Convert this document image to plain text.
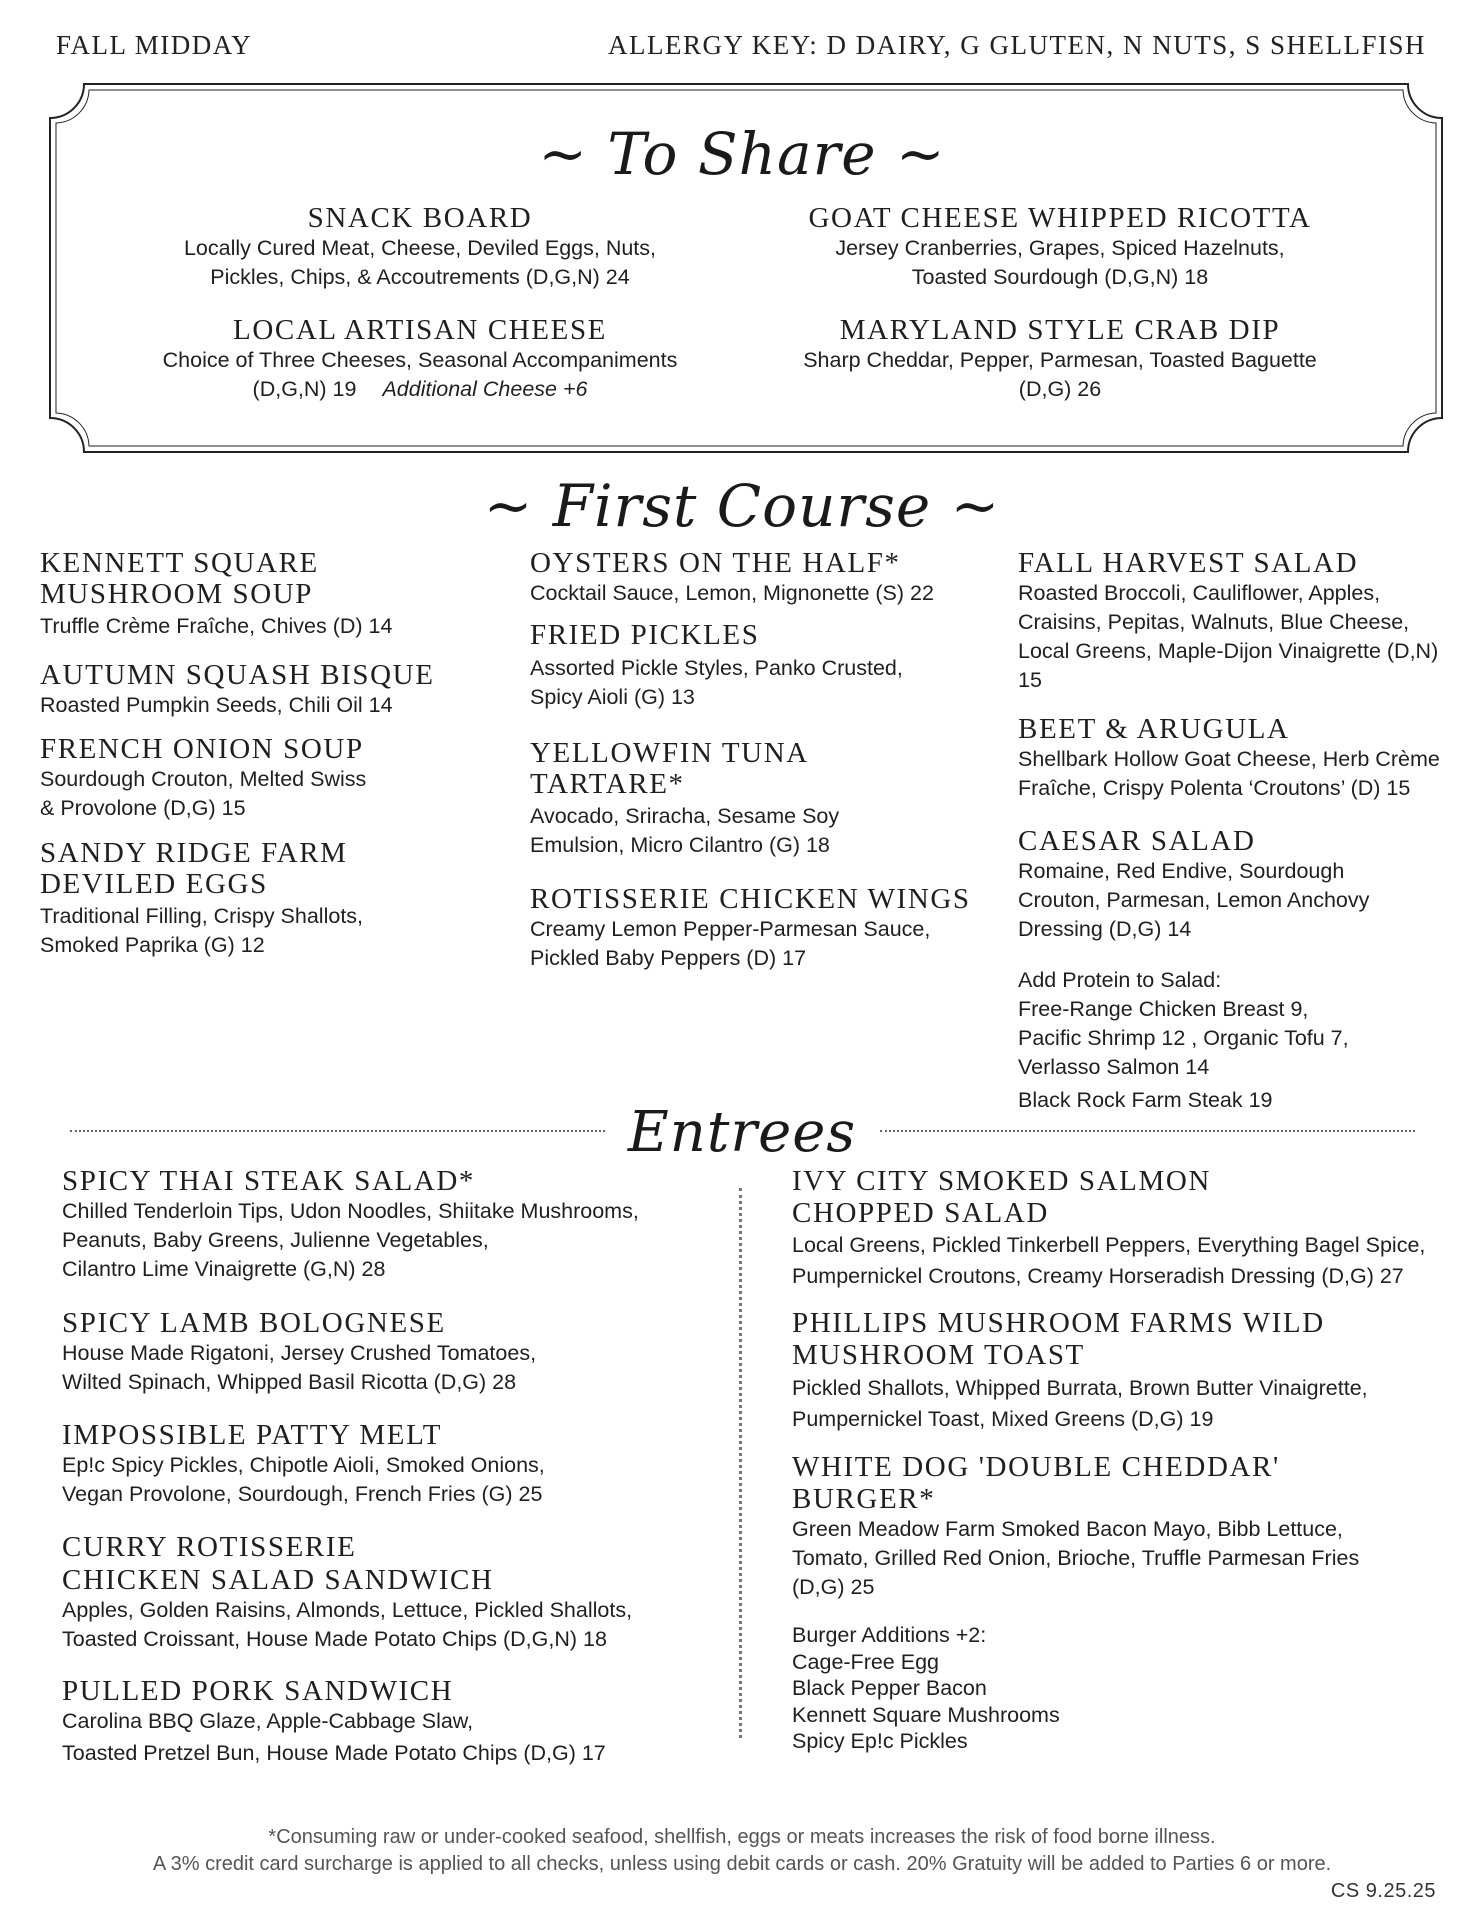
FALL MIDDAY	ALLERGY KEY: D DAIRY, G GLUTEN, N NUTS, S SHELLFISH
~ To Share ~
SNACK BOARD
Locally Cured Meat, Cheese, Deviled Eggs, Nuts,
Pickles, Chips, & Accoutrements (D,G,N) 24
GOAT CHEESE WHIPPED RICOTTA
Jersey Cranberries, Grapes, Spiced Hazelnuts,
Toasted Sourdough (D,G,N) 18
LOCAL ARTISAN CHEESE
Choice of Three Cheeses, Seasonal Accompaniments
(D,G,N) 19 Additional Cheese +6
MARYLAND STYLE CRAB DIP
Sharp Cheddar, Pepper, Parmesan, Toasted Baguette
(D,G) 26
~ First Course ~
KENNETT SQUARE
MUSHROOM SOUP
Truffle Crème Fraîche, Chives (D) 14
AUTUMN SQUASH BISQUE
Roasted Pumpkin Seeds, Chili Oil 14
FRENCH ONION SOUP
Sourdough Crouton, Melted Swiss
& Provolone (D,G) 15
SANDY RIDGE FARM
DEVILED EGGS
Traditional Filling, Crispy Shallots,
Smoked Paprika (G) 12
OYSTERS ON THE HALF*
Cocktail Sauce, Lemon, Mignonette (S) 22
FRIED PICKLES
Assorted Pickle Styles, Panko Crusted,
Spicy Aioli (G) 13
YELLOWFIN TUNA
TARTARE*
Avocado, Sriracha, Sesame Soy
Emulsion, Micro Cilantro (G) 18
ROTISSERIE CHICKEN WINGS
Creamy Lemon Pepper-Parmesan Sauce,
Pickled Baby Peppers (D) 17
FALL HARVEST SALAD
Roasted Broccoli, Cauliflower, Apples,
Craisins, Pepitas, Walnuts, Blue Cheese,
Local Greens, Maple-Dijon Vinaigrette (D,N)
15
BEET & ARUGULA
Shellbark Hollow Goat Cheese, Herb Crème
Fraîche, Crispy Polenta ‘Croutons’ (D) 15
CAESAR SALAD
Romaine, Red Endive, Sourdough
Crouton, Parmesan, Lemon Anchovy
Dressing (D,G) 14
Add Protein to Salad:
Free-Range Chicken Breast 9,
Pacific Shrimp 12 , Organic Tofu 7,
Verlasso Salmon 14
Black Rock Farm Steak 19
Entrees
SPICY THAI STEAK SALAD*
Chilled Tenderloin Tips, Udon Noodles, Shiitake Mushrooms,
Peanuts, Baby Greens, Julienne Vegetables,
Cilantro Lime Vinaigrette (G,N) 28
SPICY LAMB BOLOGNESE
House Made Rigatoni, Jersey Crushed Tomatoes,
Wilted Spinach, Whipped Basil Ricotta (D,G) 28
IMPOSSIBLE PATTY MELT
Ep!c Spicy Pickles, Chipotle Aioli, Smoked Onions,
Vegan Provolone, Sourdough, French Fries (G) 25
CURRY ROTISSERIE
CHICKEN SALAD SANDWICH
Apples, Golden Raisins, Almonds, Lettuce, Pickled Shallots,
Toasted Croissant, House Made Potato Chips (D,G,N) 18
PULLED PORK SANDWICH
Carolina BBQ Glaze, Apple-Cabbage Slaw,
Toasted Pretzel Bun, House Made Potato Chips (D,G) 17
IVY CITY SMOKED SALMON
CHOPPED SALAD
Local Greens, Pickled Tinkerbell Peppers, Everything Bagel Spice,
Pumpernickel Croutons, Creamy Horseradish Dressing (D,G) 27
PHILLIPS MUSHROOM FARMS WILD
MUSHROOM TOAST
Pickled Shallots, Whipped Burrata, Brown Butter Vinaigrette,
Pumpernickel Toast, Mixed Greens (D,G) 19
WHITE DOG 'DOUBLE CHEDDAR'
BURGER*
Green Meadow Farm Smoked Bacon Mayo, Bibb Lettuce,
Tomato, Grilled Red Onion, Brioche, Truffle Parmesan Fries
(D,G) 25
Burger Additions +2:
Cage-Free Egg
Black Pepper Bacon
Kennett Square Mushrooms
Spicy Ep!c Pickles
*Consuming raw or under-cooked seafood, shellfish, eggs or meats increases the risk of food borne illness.
A 3% credit card surcharge is applied to all checks, unless using debit cards or cash. 20% Gratuity will be added to Parties 6 or more.
CS 9.25.25
